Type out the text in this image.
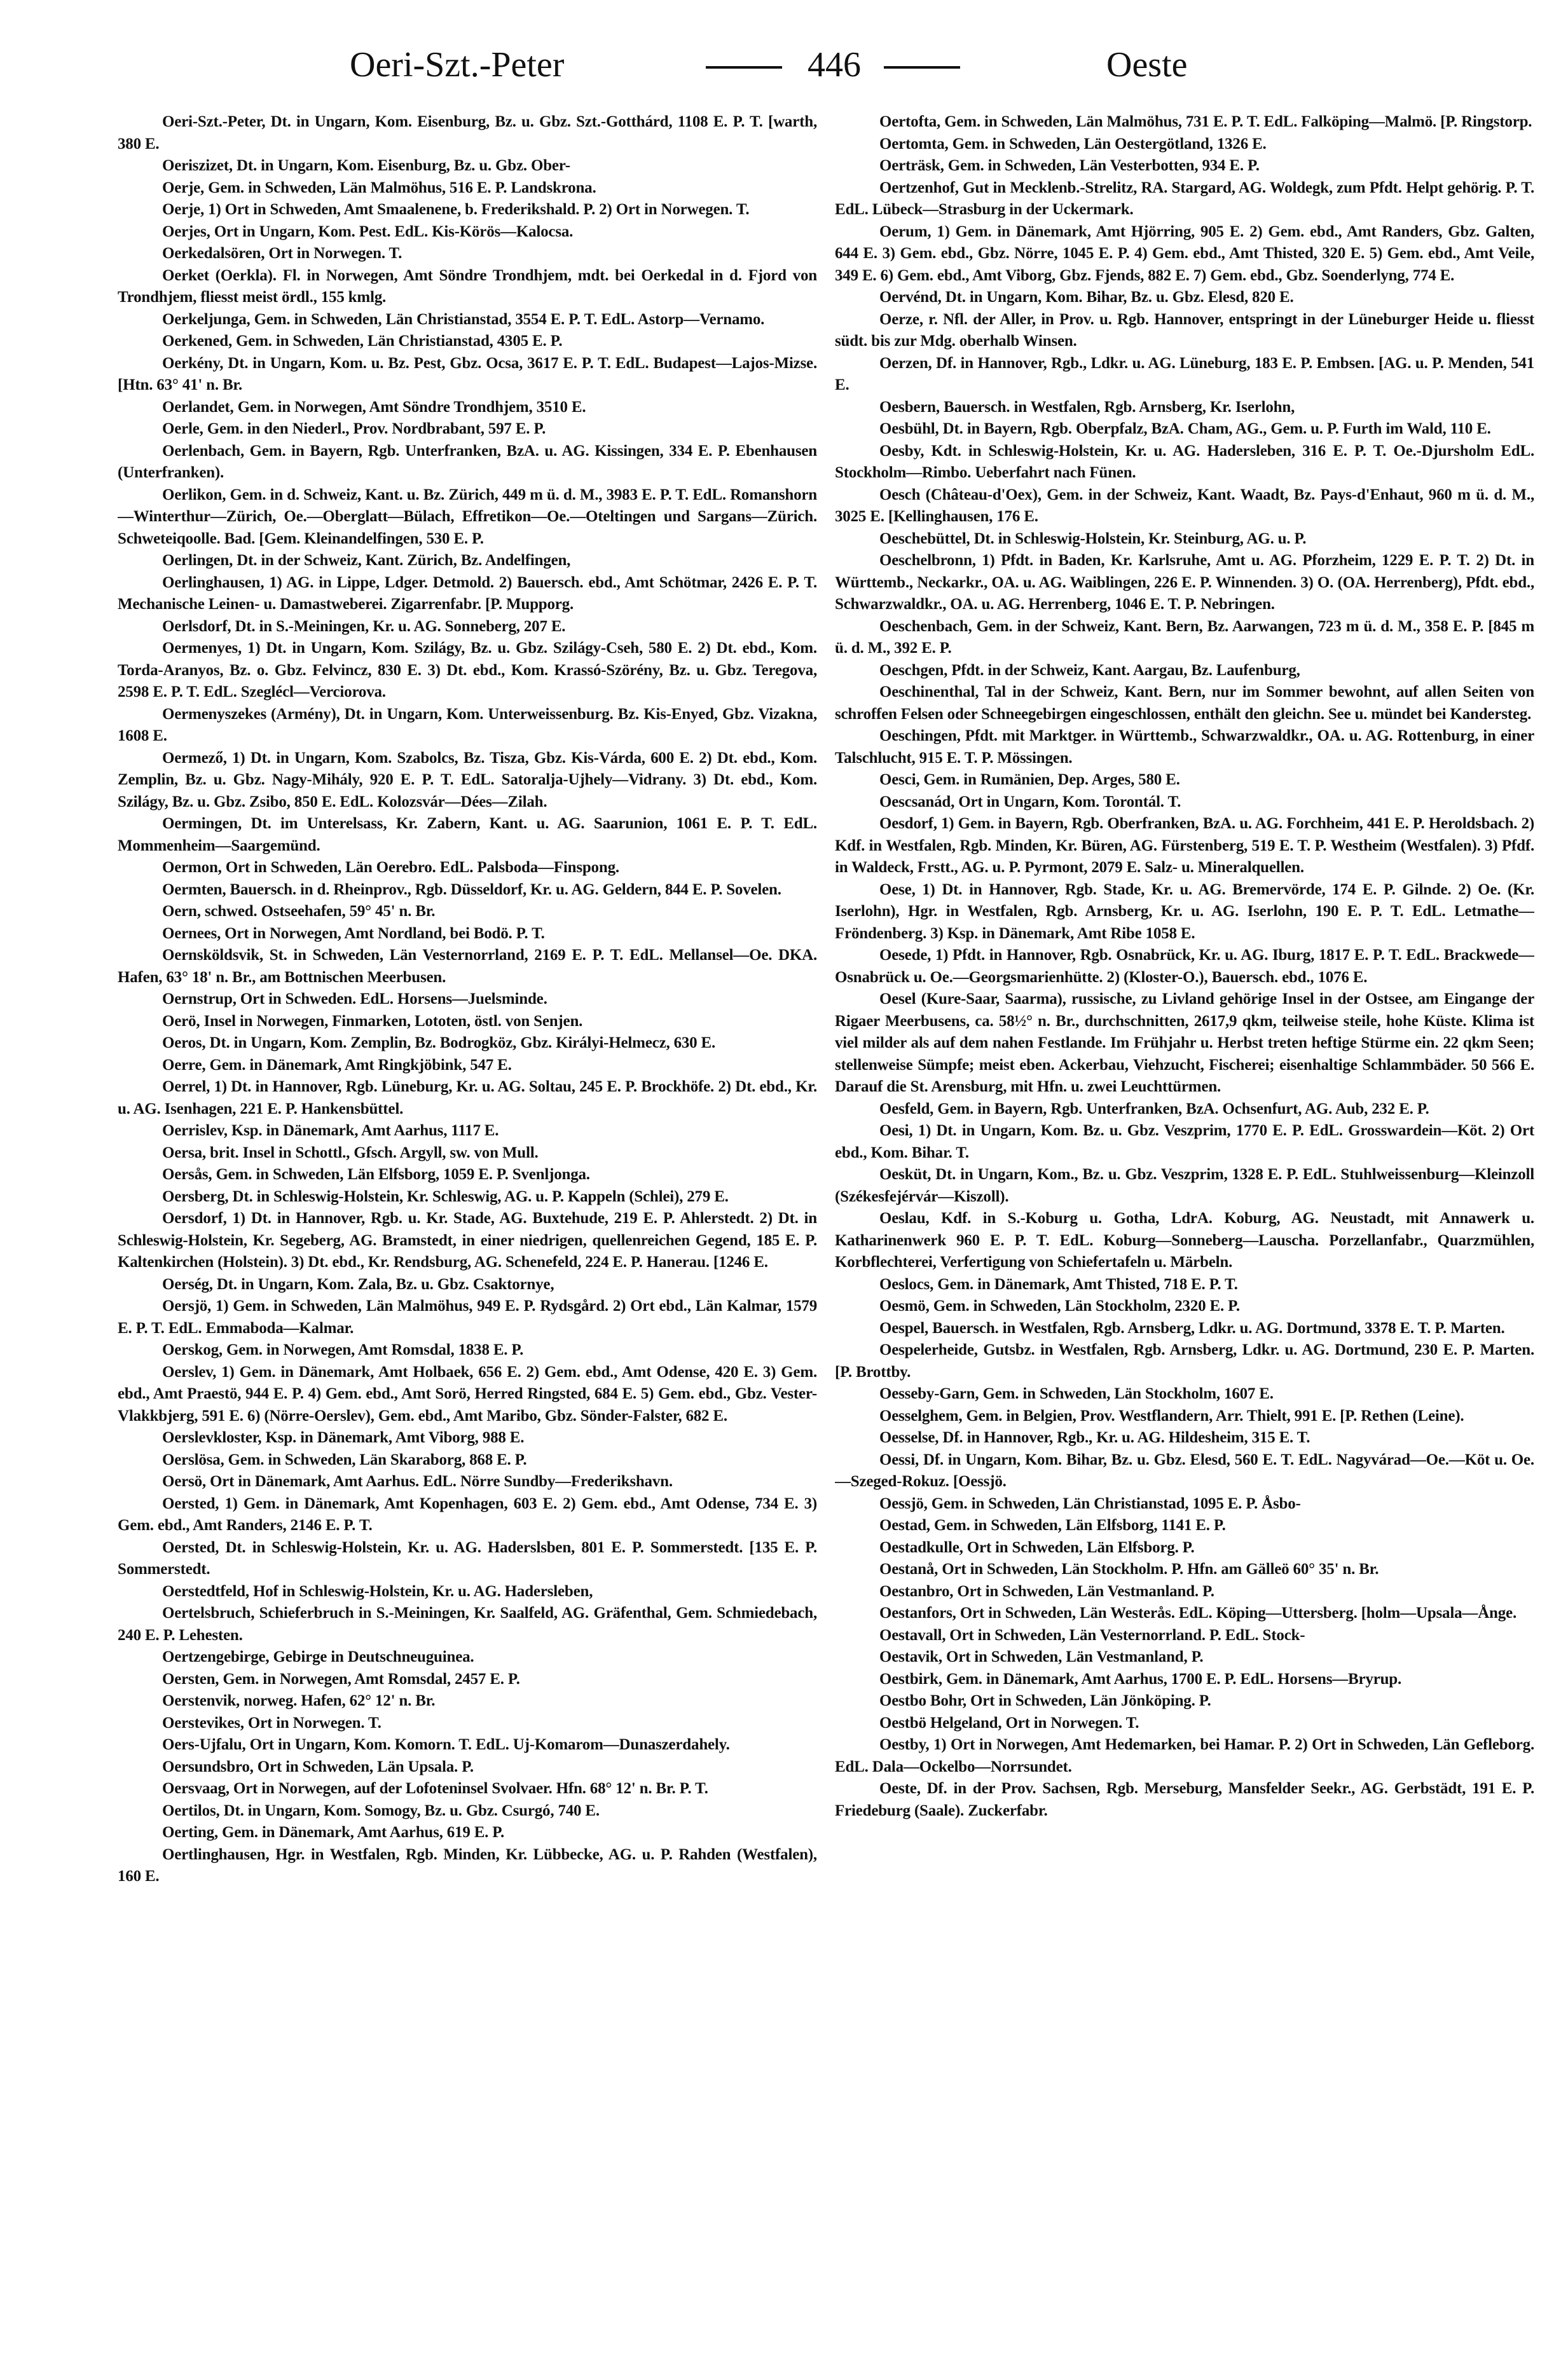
Oeri-Szt.-Peter	446	Oeste

Oeri-Szt.-Peter, Dt. in Ungarn, Kom. Eisenburg, Bz. u. Gbz. Szt.-Gotthárd, 1108 E. P. T. [warth, 380 E.

Oeriszizet, Dt. in Ungarn, Kom. Eisenburg, Bz. u. Gbz. Ober-

Oerje, Gem. in Schweden, Län Malmöhus, 516 E. P. Landskrona.

Oerje, 1) Ort in Schweden, Amt Smaalenene, b. Frederikshald. P. 2) Ort in Norwegen. T.

Oerjes, Ort in Ungarn, Kom. Pest. EdL. Kis-Körös—Kalocsa.

Oerkedalsören, Ort in Norwegen. T.

Oerket (Oerkla). Fl. in Norwegen, Amt Söndre Trondhjem, mdt. bei Oerkedal in d. Fjord von Trondhjem, fliesst meist ördl., 155 kmlg.

Oerkeljunga, Gem. in Schweden, Län Christianstad, 3554 E. P. T. EdL. Astorp—Vernamo.

Oerkened, Gem. in Schweden, Län Christianstad, 4305 E. P.

Oerkény, Dt. in Ungarn, Kom. u. Bz. Pest, Gbz. Ocsa, 3617 E. P. T. EdL. Budapest—Lajos-Mizse. [Htn. 63° 41' n. Br.

Oerlandet, Gem. in Norwegen, Amt Söndre Trondhjem, 3510 E.

Oerle, Gem. in den Niederl., Prov. Nordbrabant, 597 E. P.

Oerlenbach, Gem. in Bayern, Rgb. Unterfranken, BzA. u. AG. Kissingen, 334 E. P. Ebenhausen (Unterfranken).

Oerlikon, Gem. in d. Schweiz, Kant. u. Bz. Zürich, 449 m ü. d. M., 3983 E. P. T. EdL. Romanshorn—Winterthur—Zürich, Oe.—Oberglatt—Bülach, Effretikon—Oe.—Oteltingen und Sargans—Zürich. Schweteiqoolle. Bad. [Gem. Kleinandelfingen, 530 E. P.

Oerlingen, Dt. in der Schweiz, Kant. Zürich, Bz. Andelfingen,

Oerlinghausen, 1) AG. in Lippe, Ldger. Detmold. 2) Bauersch. ebd., Amt Schötmar, 2426 E. P. T. Mechanische Leinen- u. Damastweberei. Zigarrenfabr. [P. Mupporg.

Oerlsdorf, Dt. in S.-Meiningen, Kr. u. AG. Sonneberg, 207 E.

Oermenyes, 1) Dt. in Ungarn, Kom. Szilágy, Bz. u. Gbz. Szilágy-Cseh, 580 E. 2) Dt. ebd., Kom. Torda-Aranyos, Bz. o. Gbz. Felvincz, 830 E. 3) Dt. ebd., Kom. Krassó-Szörény, Bz. u. Gbz. Teregova, 2598 E. P. T. EdL. Szeglécl—Verciorova.

Oermenyszekes (Armény), Dt. in Ungarn, Kom. Unterweissenburg. Bz. Kis-Enyed, Gbz. Vizakna, 1608 E.

Oermező, 1) Dt. in Ungarn, Kom. Szabolcs, Bz. Tisza, Gbz. Kis-Várda, 600 E. 2) Dt. ebd., Kom. Zemplin, Bz. u. Gbz. Nagy-Mihály, 920 E. P. T. EdL. Satoralja-Ujhely—Vidrany. 3) Dt. ebd., Kom. Szilágy, Bz. u. Gbz. Zsibo, 850 E. EdL. Kolozsvár—Dées—Zilah.

Oermingen, Dt. im Unterelsass, Kr. Zabern, Kant. u. AG. Saarunion, 1061 E. P. T. EdL. Mommenheim—Saargemünd.

Oermon, Ort in Schweden, Län Oerebro. EdL. Palsboda—Finspong.

Oermten, Bauersch. in d. Rheinprov., Rgb. Düsseldorf, Kr. u. AG. Geldern, 844 E. P. Sovelen.

Oern, schwed. Ostseehafen, 59° 45' n. Br.

Oernees, Ort in Norwegen, Amt Nordland, bei Bodö. P. T.

Oernsköldsvik, St. in Schweden, Län Vesternorrland, 2169 E. P. T. EdL. Mellansel—Oe. DKA. Hafen, 63° 18' n. Br., am Bottnischen Meerbusen.

Oernstrup, Ort in Schweden. EdL. Horsens—Juelsminde.

Oerö, Insel in Norwegen, Finmarken, Lototen, östl. von Senjen.

Oeros, Dt. in Ungarn, Kom. Zemplin, Bz. Bodrogköz, Gbz. Királyi-Helmecz, 630 E.

Oerre, Gem. in Dänemark, Amt Ringkjöbink, 547 E.

Oerrel, 1) Dt. in Hannover, Rgb. Lüneburg, Kr. u. AG. Soltau, 245 E. P. Brockhöfe. 2) Dt. ebd., Kr. u. AG. Isenhagen, 221 E. P. Hankensbüttel.

Oerrislev, Ksp. in Dänemark, Amt Aarhus, 1117 E.

Oersa, brit. Insel in Schottl., Gfsch. Argyll, sw. von Mull.

Oersås, Gem. in Schweden, Län Elfsborg, 1059 E. P. Svenljonga.

Oersberg, Dt. in Schleswig-Holstein, Kr. Schleswig, AG. u. P. Kappeln (Schlei), 279 E.

Oersdorf, 1) Dt. in Hannover, Rgb. u. Kr. Stade, AG. Buxtehude, 219 E. P. Ahlerstedt. 2) Dt. in Schleswig-Holstein, Kr. Segeberg, AG. Bramstedt, in einer niedrigen, quellenreichen Gegend, 185 E. P. Kaltenkirchen (Holstein). 3) Dt. ebd., Kr. Rendsburg, AG. Schenefeld, 224 E. P. Hanerau. [1246 E.

Oerség, Dt. in Ungarn, Kom. Zala, Bz. u. Gbz. Csaktornye,

Oersjö, 1) Gem. in Schweden, Län Malmöhus, 949 E. P. Rydsgård. 2) Ort ebd., Län Kalmar, 1579 E. P. T. EdL. Emmaboda—Kalmar.

Oerskog, Gem. in Norwegen, Amt Romsdal, 1838 E. P.

Oerslev, 1) Gem. in Dänemark, Amt Holbaek, 656 E. 2) Gem. ebd., Amt Odense, 420 E. 3) Gem. ebd., Amt Praestö, 944 E. P. 4) Gem. ebd., Amt Sorö, Herred Ringsted, 684 E. 5) Gem. ebd., Gbz. Vester-Vlakkbjerg, 591 E. 6) (Nörre-Oerslev), Gem. ebd., Amt Maribo, Gbz. Sönder-Falster, 682 E.

Oerslevkloster, Ksp. in Dänemark, Amt Viborg, 988 E.

Oerslösa, Gem. in Schweden, Län Skaraborg, 868 E. P.

Oersö, Ort in Dänemark, Amt Aarhus. EdL. Nörre Sundby—Frederikshavn.

Oersted, 1) Gem. in Dänemark, Amt Kopenhagen, 603 E. 2) Gem. ebd., Amt Odense, 734 E. 3) Gem. ebd., Amt Randers, 2146 E. P. T.

Oersted, Dt. in Schleswig-Holstein, Kr. u. AG. Haderslsben, 801 E. P. Sommerstedt. [135 E. P. Sommerstedt.

Oerstedtfeld, Hof in Schleswig-Holstein, Kr. u. AG. Hadersleben,

Oertelsbruch, Schieferbruch in S.-Meiningen, Kr. Saalfeld, AG. Gräfenthal, Gem. Schmiedebach, 240 E. P. Lehesten.

Oertzengebirge, Gebirge in Deutschneuguinea.

Oersten, Gem. in Norwegen, Amt Romsdal, 2457 E. P.

Oerstenvik, norweg. Hafen, 62° 12' n. Br.

Oerstevikes, Ort in Norwegen. T.

Oers-Ujfalu, Ort in Ungarn, Kom. Komorn. T. EdL. Uj-Komarom—Dunaszerdahely.

Oersundsbro, Ort in Schweden, Län Upsala. P.

Oersvaag, Ort in Norwegen, auf der Lofoteninsel Svolvaer. Hfn. 68° 12' n. Br. P. T.

Oertilos, Dt. in Ungarn, Kom. Somogy, Bz. u. Gbz. Csurgó, 740 E.

Oerting, Gem. in Dänemark, Amt Aarhus, 619 E. P.

Oertlinghausen, Hgr. in Westfalen, Rgb. Minden, Kr. Lübbecke, AG. u. P. Rahden (Westfalen), 160 E.

Oertofta, Gem. in Schweden, Län Malmöhus, 731 E. P. T. EdL. Falköping—Malmö. [P. Ringstorp.

Oertomta, Gem. in Schweden, Län Oestergötland, 1326 E.

Oerträsk, Gem. in Schweden, Län Vesterbotten, 934 E. P.

Oertzenhof, Gut in Mecklenb.-Strelitz, RA. Stargard, AG. Woldegk, zum Pfdt. Helpt gehörig. P. T. EdL. Lübeck—Strasburg in der Uckermark.

Oerum, 1) Gem. in Dänemark, Amt Hjörring, 905 E. 2) Gem. ebd., Amt Randers, Gbz. Galten, 644 E. 3) Gem. ebd., Gbz. Nörre, 1045 E. P. 4) Gem. ebd., Amt Thisted, 320 E. 5) Gem. ebd., Amt Veile, 349 E. 6) Gem. ebd., Amt Viborg, Gbz. Fjends, 882 E. 7) Gem. ebd., Gbz. Soenderlyng, 774 E.

Oervénd, Dt. in Ungarn, Kom. Bihar, Bz. u. Gbz. Elesd, 820 E.

Oerze, r. Nfl. der Aller, in Prov. u. Rgb. Hannover, entspringt in der Lüneburger Heide u. fliesst südt. bis zur Mdg. oberhalb Winsen.

Oerzen, Df. in Hannover, Rgb., Ldkr. u. AG. Lüneburg, 183 E. P. Embsen. [AG. u. P. Menden, 541 E.

Oesbern, Bauersch. in Westfalen, Rgb. Arnsberg, Kr. Iserlohn,

Oesbühl, Dt. in Bayern, Rgb. Oberpfalz, BzA. Cham, AG., Gem. u. P. Furth im Wald, 110 E.

Oesby, Kdt. in Schleswig-Holstein, Kr. u. AG. Hadersleben, 316 E. P. T. Oe.-Djursholm EdL. Stockholm—Rimbo. Ueberfahrt nach Fünen.

Oesch (Château-d'Oex), Gem. in der Schweiz, Kant. Waadt, Bz. Pays-d'Enhaut, 960 m ü. d. M., 3025 E. [Kellinghausen, 176 E.

Oeschebüttel, Dt. in Schleswig-Holstein, Kr. Steinburg, AG. u. P.

Oeschelbronn, 1) Pfdt. in Baden, Kr. Karlsruhe, Amt u. AG. Pforzheim, 1229 E. P. T. 2) Dt. in Württemb., Neckarkr., OA. u. AG. Waiblingen, 226 E. P. Winnenden. 3) O. (OA. Herrenberg), Pfdt. ebd., Schwarzwaldkr., OA. u. AG. Herrenberg, 1046 E. T. P. Nebringen.

Oeschenbach, Gem. in der Schweiz, Kant. Bern, Bz. Aarwangen, 723 m ü. d. M., 358 E. P. [845 m ü. d. M., 392 E. P.

Oeschgen, Pfdt. in der Schweiz, Kant. Aargau, Bz. Laufenburg,

Oeschinenthal, Tal in der Schweiz, Kant. Bern, nur im Sommer bewohnt, auf allen Seiten von schroffen Felsen oder Schneegebirgen eingeschlossen, enthält den gleichn. See u. mündet bei Kandersteg.

Oeschingen, Pfdt. mit Marktger. in Württemb., Schwarzwaldkr., OA. u. AG. Rottenburg, in einer Talschlucht, 915 E. T. P. Mössingen.

Oesci, Gem. in Rumänien, Dep. Arges, 580 E.

Oescsanád, Ort in Ungarn, Kom. Torontál. T.

Oesdorf, 1) Gem. in Bayern, Rgb. Oberfranken, BzA. u. AG. Forchheim, 441 E. P. Heroldsbach. 2) Kdf. in Westfalen, Rgb. Minden, Kr. Büren, AG. Fürstenberg, 519 E. T. P. Westheim (Westfalen). 3) Pfdf. in Waldeck, Frstt., AG. u. P. Pyrmont, 2079 E. Salz- u. Mineralquellen.

Oese, 1) Dt. in Hannover, Rgb. Stade, Kr. u. AG. Bremervörde, 174 E. P. Gilnde. 2) Oe. (Kr. Iserlohn), Hgr. in Westfalen, Rgb. Arnsberg, Kr. u. AG. Iserlohn, 190 E. P. T. EdL. Letmathe—Fröndenberg. 3) Ksp. in Dänemark, Amt Ribe 1058 E.

Oesede, 1) Pfdt. in Hannover, Rgb. Osnabrück, Kr. u. AG. Iburg, 1817 E. P. T. EdL. Brackwede—Osnabrück u. Oe.—Georgsmarienhütte. 2) (Kloster-O.), Bauersch. ebd., 1076 E.

Oesel (Kure-Saar, Saarma), russische, zu Livland gehörige Insel in der Ostsee, am Eingange der Rigaer Meerbusens, ca. 58½° n. Br., durchschnitten, 2617,9 qkm, teilweise steile, hohe Küste. Klima ist viel milder als auf dem nahen Festlande. Im Frühjahr u. Herbst treten heftige Stürme ein. 22 qkm Seen; stellenweise Sümpfe; meist eben. Ackerbau, Viehzucht, Fischerei; eisenhaltige Schlammbäder. 50 566 E. Darauf die St. Arensburg, mit Hfn. u. zwei Leuchttürmen.

Oesfeld, Gem. in Bayern, Rgb. Unterfranken, BzA. Ochsenfurt, AG. Aub, 232 E. P.

Oesi, 1) Dt. in Ungarn, Kom. Bz. u. Gbz. Veszprim, 1770 E. P. EdL. Grosswardein—Köt. 2) Ort ebd., Kom. Bihar. T.

Oesküt, Dt. in Ungarn, Kom., Bz. u. Gbz. Veszprim, 1328 E. P. EdL. Stuhlweissenburg—Kleinzoll (Székesfejérvár—Kiszoll).

Oeslau, Kdf. in S.-Koburg u. Gotha, LdrA. Koburg, AG. Neustadt, mit Annawerk u. Katharinenwerk 960 E. P. T. EdL. Koburg—Sonneberg—Lauscha. Porzellanfabr., Quarzmühlen, Korbflechterei, Verfertigung von Schiefertafeln u. Märbeln.

Oeslocs, Gem. in Dänemark, Amt Thisted, 718 E. P. T.

Oesmö, Gem. in Schweden, Län Stockholm, 2320 E. P.

Oespel, Bauersch. in Westfalen, Rgb. Arnsberg, Ldkr. u. AG. Dortmund, 3378 E. T. P. Marten.

Oespelerheide, Gutsbz. in Westfalen, Rgb. Arnsberg, Ldkr. u. AG. Dortmund, 230 E. P. Marten. [P. Brottby.

Oesseby-Garn, Gem. in Schweden, Län Stockholm, 1607 E.

Oesselghem, Gem. in Belgien, Prov. Westflandern, Arr. Thielt, 991 E. [P. Rethen (Leine).

Oesselse, Df. in Hannover, Rgb., Kr. u. AG. Hildesheim, 315 E. T.

Oessi, Df. in Ungarn, Kom. Bihar, Bz. u. Gbz. Elesd, 560 E. T. EdL. Nagyvárad—Oe.—Köt u. Oe.—Szeged-Rokuz. [Oessjö.

Oessjö, Gem. in Schweden, Län Christianstad, 1095 E. P. Åsbo-

Oestad, Gem. in Schweden, Län Elfsborg, 1141 E. P.

Oestadkulle, Ort in Schweden, Län Elfsborg. P.

Oestanå, Ort in Schweden, Län Stockholm. P. Hfn. am Gälleö 60° 35' n. Br.

Oestanbro, Ort in Schweden, Län Vestmanland. P.

Oestanfors, Ort in Schweden, Län Westerås. EdL. Köping—Uttersberg. [holm—Upsala—Ånge.

Oestavall, Ort in Schweden, Län Vesternorrland. P. EdL. Stock-

Oestavik, Ort in Schweden, Län Vestmanland, P.

Oestbirk, Gem. in Dänemark, Amt Aarhus, 1700 E. P. EdL. Horsens—Bryrup.

Oestbo Bohr, Ort in Schweden, Län Jönköping. P.

Oestbö Helgeland, Ort in Norwegen. T.

Oestby, 1) Ort in Norwegen, Amt Hedemarken, bei Hamar. P. 2) Ort in Schweden, Län Gefleborg. EdL. Dala—Ockelbo—Norrsundet.

Oeste, Df. in der Prov. Sachsen, Rgb. Merseburg, Mansfelder Seekr., AG. Gerbstädt, 191 E. P. Friedeburg (Saale). Zuckerfabr.
